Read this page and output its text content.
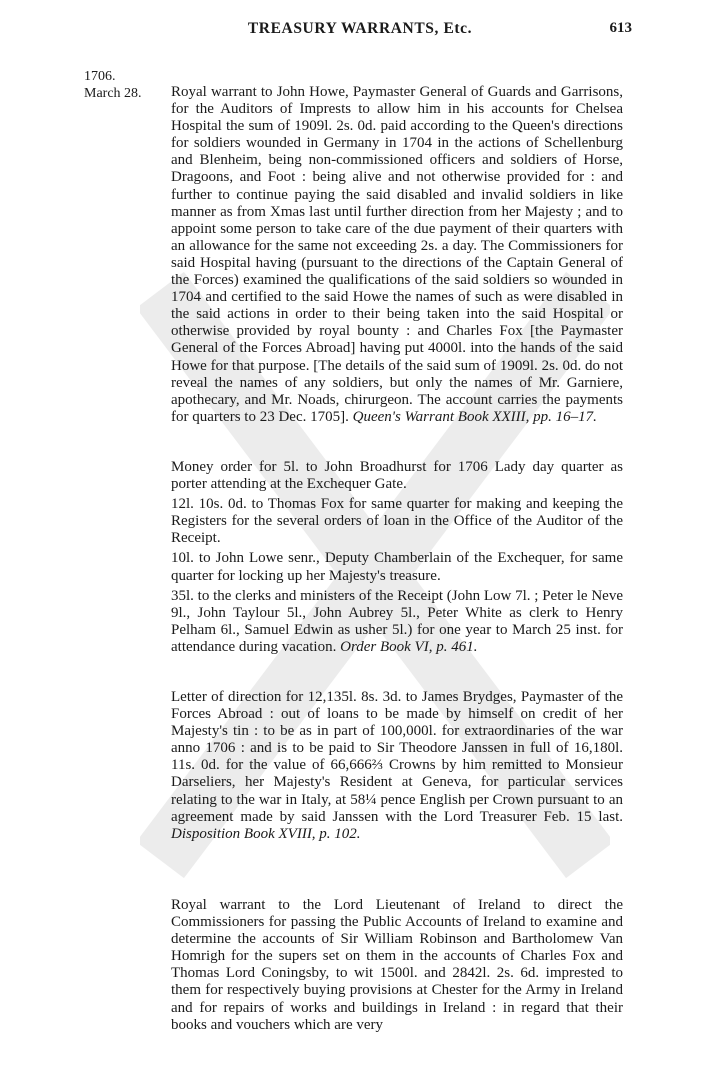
TREASURY WARRANTS, Etc.	613
1706.
March 28. Royal warrant to John Howe, Paymaster General of Guards and Garrisons, for the Auditors of Imprests to allow him in his accounts for Chelsea Hospital the sum of 1909l. 2s. 0d. paid according to the Queen's directions for soldiers wounded in Germany in 1704 in the actions of Schellenburg and Blenheim, being non-commissioned officers and soldiers of Horse, Dragoons, and Foot : being alive and not otherwise provided for : and further to continue paying the said disabled and invalid soldiers in like manner as from Xmas last until further direction from her Majesty ; and to appoint some person to take care of the due payment of their quarters with an allowance for the same not exceeding 2s. a day. The Commissioners for said Hospital having (pursuant to the directions of the Captain General of the Forces) examined the qualifications of the said soldiers so wounded in 1704 and certified to the said Howe the names of such as were disabled in the said actions in order to their being taken into the said Hospital or otherwise provided by royal bounty : and Charles Fox [the Paymaster General of the Forces Abroad] having put 4000l. into the hands of the said Howe for that purpose. [The details of the said sum of 1909l. 2s. 0d. do not reveal the names of any soldiers, but only the names of Mr. Garniere, apothecary, and Mr. Noads, chirurgeon. The account carries the payments for quarters to 23 Dec. 1705]. Queen's Warrant Book XXIII, pp. 16–17.

Money order for 5l. to John Broadhurst for 1706 Lady day quarter as porter attending at the Exchequer Gate.

12l. 10s. 0d. to Thomas Fox for same quarter for making and keeping the Registers for the several orders of loan in the Office of the Auditor of the Receipt.

10l. to John Lowe senr., Deputy Chamberlain of the Exchequer, for same quarter for locking up her Majesty's treasure.

35l. to the clerks and ministers of the Receipt (John Low 7l. ; Peter le Neve 9l., John Taylour 5l., John Aubrey 5l., Peter White as clerk to Henry Pelham 6l., Samuel Edwin as usher 5l.) for one year to March 25 inst. for attendance during vacation. Order Book VI, p. 461.

Letter of direction for 12,135l. 8s. 3d. to James Brydges, Paymaster of the Forces Abroad : out of loans to be made by himself on credit of her Majesty's tin : to be as in part of 100,000l. for extraordinaries of the war anno 1706 : and is to be paid to Sir Theodore Janssen in full of 16,180l. 11s. 0d. for the value of 66,666⅔ Crowns by him remitted to Monsieur Darseliers, her Majesty's Resident at Geneva, for particular services relating to the war in Italy, at 58¼ pence English per Crown pursuant to an agreement made by said Janssen with the Lord Treasurer Feb. 15 last. Disposition Book XVIII, p. 102.

Royal warrant to the Lord Lieutenant of Ireland to direct the Commissioners for passing the Public Accounts of Ireland to examine and determine the accounts of Sir William Robinson and Bartholomew Van Homrigh for the supers set on them in the accounts of Charles Fox and Thomas Lord Coningsby, to wit 1500l. and 2842l. 2s. 6d. imprested to them for respectively buying provisions at Chester for the Army in Ireland and for repairs of works and buildings in Ireland : in regard that their books and vouchers which are very
